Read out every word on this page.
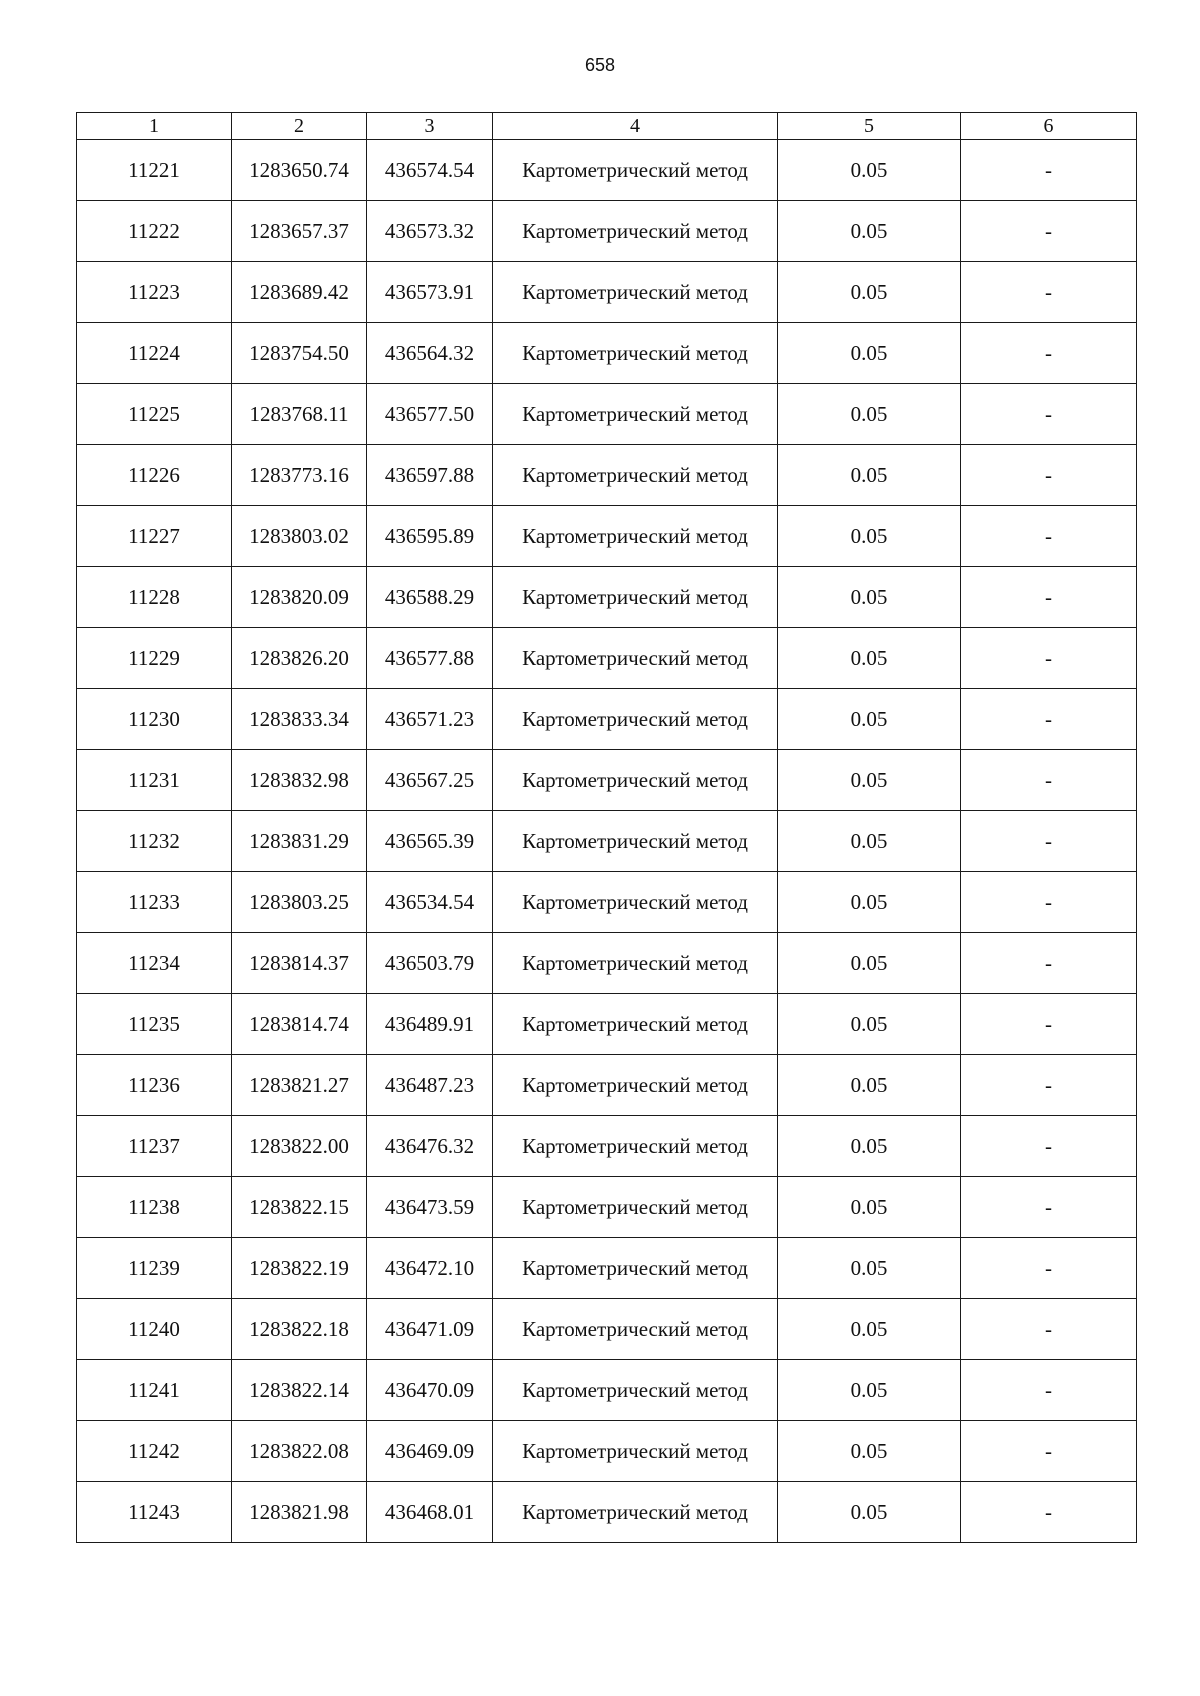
658
1	2	3	4	5	6
11221	1283650.74	436574.54	Картометрический метод	0.05	-
11222	1283657.37	436573.32	Картометрический метод	0.05	-
11223	1283689.42	436573.91	Картометрический метод	0.05	-
11224	1283754.50	436564.32	Картометрический метод	0.05	-
11225	1283768.11	436577.50	Картометрический метод	0.05	-
11226	1283773.16	436597.88	Картометрический метод	0.05	-
11227	1283803.02	436595.89	Картометрический метод	0.05	-
11228	1283820.09	436588.29	Картометрический метод	0.05	-
11229	1283826.20	436577.88	Картометрический метод	0.05	-
11230	1283833.34	436571.23	Картометрический метод	0.05	-
11231	1283832.98	436567.25	Картометрический метод	0.05	-
11232	1283831.29	436565.39	Картометрический метод	0.05	-
11233	1283803.25	436534.54	Картометрический метод	0.05	-
11234	1283814.37	436503.79	Картометрический метод	0.05	-
11235	1283814.74	436489.91	Картометрический метод	0.05	-
11236	1283821.27	436487.23	Картометрический метод	0.05	-
11237	1283822.00	436476.32	Картометрический метод	0.05	-
11238	1283822.15	436473.59	Картометрический метод	0.05	-
11239	1283822.19	436472.10	Картометрический метод	0.05	-
11240	1283822.18	436471.09	Картометрический метод	0.05	-
11241	1283822.14	436470.09	Картометрический метод	0.05	-
11242	1283822.08	436469.09	Картометрический метод	0.05	-
11243	1283821.98	436468.01	Картометрический метод	0.05	-
